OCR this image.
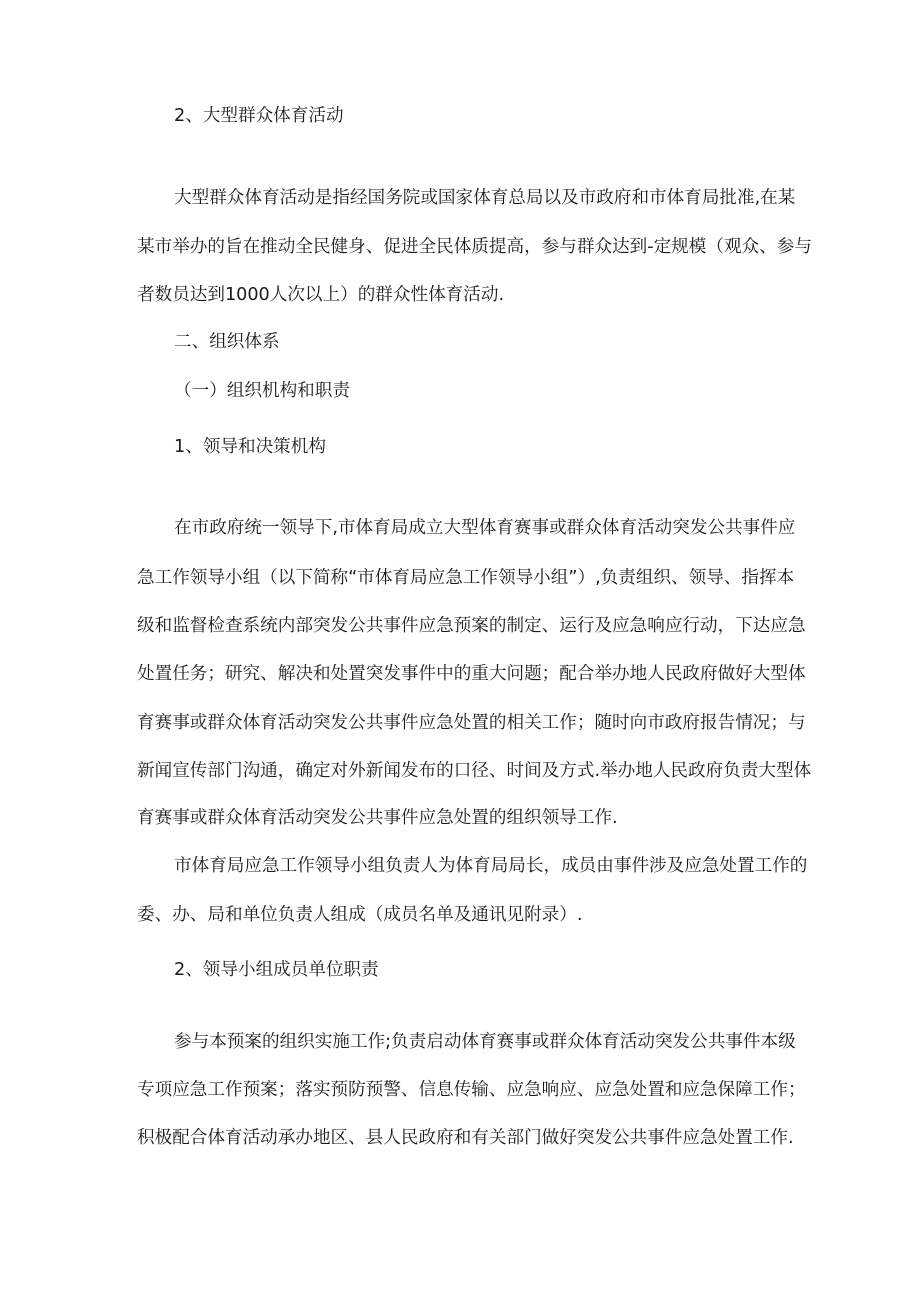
2、大型群众体育活动
大型群众体育活动是指经国务院或国家体育总局以及市政府和市体育局批准,在某
某市举办的旨在推动全民健身、促进全民体质提高，参与群众达到-定规模（观众、参与
者数员达到1000人次以上）的群众性体育活动.
二、组织体系
（一）组织机构和职责
1、领导和决策机构
在市政府统一领导下,市体育局成立大型体育赛事或群众体育活动突发公共事件应
急工作领导小组（以下简称“市体育局应急工作领导小组”）,负责组织、领导、指挥本
级和监督检查系统内部突发公共事件应急预案的制定、运行及应急响应行动，下达应急
处置任务；研究、解决和处置突发事件中的重大问题；配合举办地人民政府做好大型体
育赛事或群众体育活动突发公共事件应急处置的相关工作；随时向市政府报告情况；与
新闻宣传部门沟通，确定对外新闻发布的口径、时间及方式.举办地人民政府负责大型体
育赛事或群众体育活动突发公共事件应急处置的组织领导工作.
市体育局应急工作领导小组负责人为体育局局长，成员由事件涉及应急处置工作的
委、办、局和单位负责人组成（成员名单及通讯见附录）.
2、领导小组成员单位职责
参与本预案的组织实施工作;负责启动体育赛事或群众体育活动突发公共事件本级
专项应急工作预案；落实预防预警、信息传输、应急响应、应急处置和应急保障工作；
积极配合体育活动承办地区、县人民政府和有关部门做好突发公共事件应急处置工作.
